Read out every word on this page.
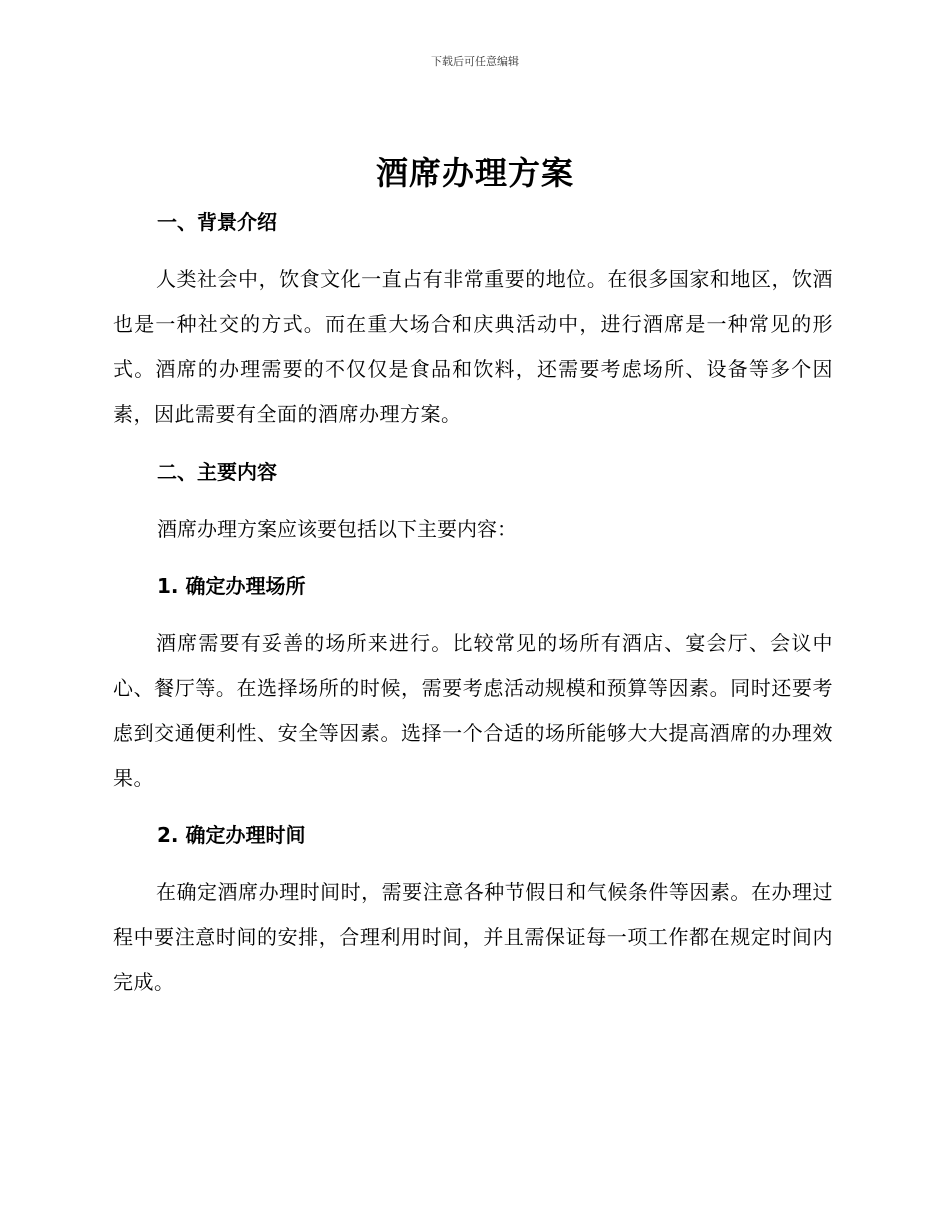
下载后可任意编辑
酒席办理方案
一、背景介绍
人类社会中，饮食文化一直占有非常重要的地位。在很多国家和地区，饮酒也是一种社交的方式。而在重大场合和庆典活动中，进行酒席是一种常见的形式。酒席的办理需要的不仅仅是食品和饮料，还需要考虑场所、设备等多个因素，因此需要有全面的酒席办理方案。
二、主要内容
酒席办理方案应该要包括以下主要内容：
1. 确定办理场所
酒席需要有妥善的场所来进行。比较常见的场所有酒店、宴会厅、会议中心、餐厅等。在选择场所的时候，需要考虑活动规模和预算等因素。同时还要考虑到交通便利性、安全等因素。选择一个合适的场所能够大大提高酒席的办理效果。
2. 确定办理时间
在确定酒席办理时间时，需要注意各种节假日和气候条件等因素。在办理过程中要注意时间的安排，合理利用时间，并且需保证每一项工作都在规定时间内完成。
